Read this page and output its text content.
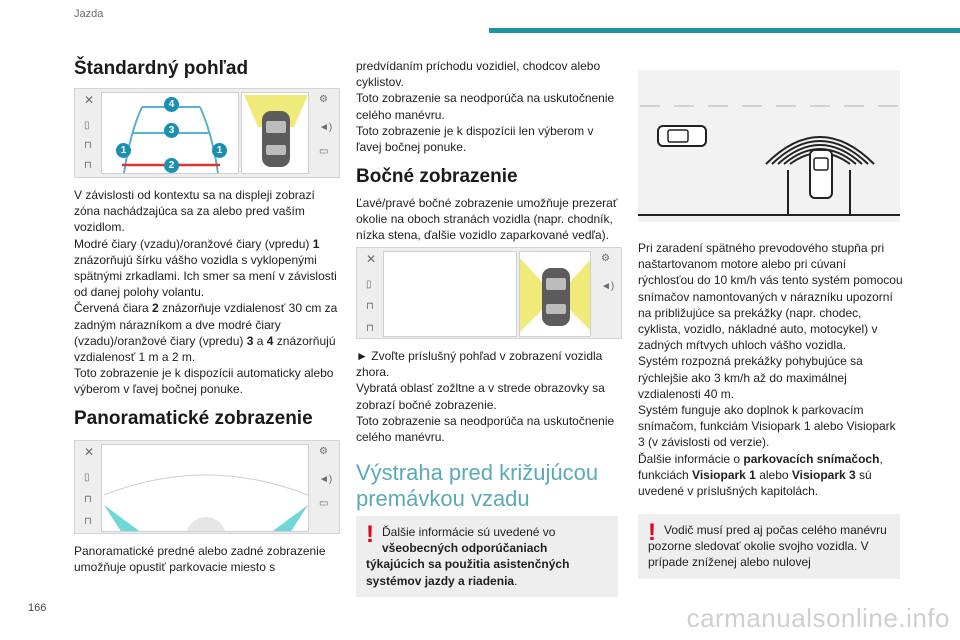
Jazda
166	carmanualsonline.info
Štandardný pohľad
✕
▯
⊓
⊓
4
3
1	1
2
⚙
◄)
▭

V závislosti od kontextu sa na displeji zobrazí zóna nachádzajúca sa za alebo pred vaším vozidlom.

Modré čiary (vzadu)/oranžové čiary (vpredu) 1 znázorňujú šírku vášho vozidla s vyklopenými spätnými zrkadlami. Ich smer sa mení v závislosti od danej polohy volantu.

Červená čiara 2 znázorňuje vzdialenosť 30 cm za zadným nárazníkom a dve modré čiary (vzadu)/oranžové čiary (vpredu) 3 a 4 znázorňujú vzdialenosť 1 m a 2 m.

Toto zobrazenie je k dispozícii automaticky alebo výberom v ľavej bočnej ponuke.

Panoramatické zobrazenie
✕
▯
⊓
⊓
⚙
◄)
▭

Panoramatické predné alebo zadné zobrazenie umožňuje opustiť parkovacie miesto s

predvídaním príchodu vozidiel, chodcov alebo cyklistov.

Toto zobrazenie sa neodporúča na uskutočnenie celého manévru.

Toto zobrazenie je k dispozícii len výberom v ľavej bočnej ponuke.

Bočné zobrazenie

Ľavé/pravé bočné zobrazenie umožňuje prezerať okolie na oboch stranách vozidla (napr. chodník, nízka stena, ďalšie vozidlo zaparkované vedľa).

✕
▯
⊓
⊓
⚙
◄)

► Zvoľte príslušný pohľad v zobrazení vozidla zhora.

Vybratá oblasť zožltne a v strede obrazovky sa zobrazí bočné zobrazenie.

Toto zobrazenie sa neodporúča na uskutočnenie celého manévru.

Výstraha pred križujúcou premávkou vzadu
! Ďalšie informácie sú uvedené vo
všeobecných odporúčaniach týkajúcich sa použitia asistenčných systémov jazdy a riadenia.

Pri zaradení spätného prevodového stupňa pri naštartovanom motore alebo pri cúvaní rýchlosťou do 10 km/h vás tento systém pomocou snímačov namontovaných v nárazníku upozorní na približujúce sa prekážky (napr. chodec, cyklista, vozidlo, nákladné auto, motocykel) v zadných mŕtvych uhloch vášho vozidla.

Systém rozpozná prekážky pohybujúce sa rýchlejšie ako 3 km/h až do maximálnej vzdialenosti 40 m.

Systém funguje ako doplnok k parkovacím snímačom, funkciám Visiopark 1 alebo Visiopark 3 (v závislosti od verzie).

Ďalšie informácie o parkovacích snímačoch, funkciách Visiopark 1 alebo Visiopark 3 sú uvedené v príslušných kapitolách.

! Vodič musí pred aj počas celého manévru pozorne sledovať okolie svojho vozidla. V prípade zníženej alebo nulovej
